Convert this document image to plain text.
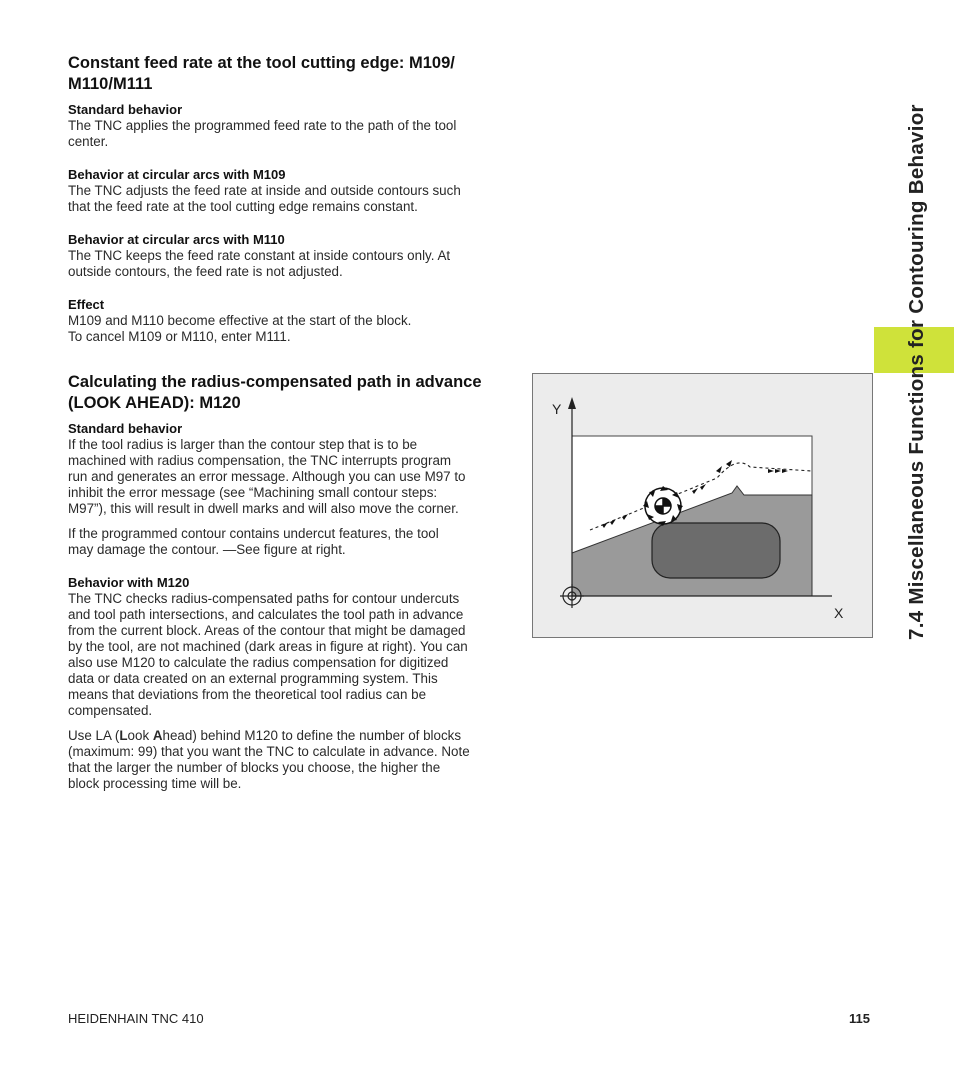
7.4 Miscellaneous Functions for Contouring Behavior
Constant feed rate at the tool cutting edge: M109/
M110/M111
Standard behavior
The TNC applies the programmed feed rate to the path of the tool
center.
Behavior at circular arcs with M109
The TNC adjusts the feed rate at inside and outside contours such
that the feed rate at the tool cutting edge remains constant.
Behavior at circular arcs with M110
The TNC keeps the feed rate constant at inside contours only. At
outside contours, the feed rate is not adjusted.
Effect
M109 and M110 become effective at the start of the block.
To cancel M109 or M110, enter M111.
Calculating the radius-compensated path in advance
(LOOK AHEAD): M120
Standard behavior
If the tool radius is larger than the contour step that is to be
machined with radius compensation, the TNC interrupts program
run and generates an error message. Although you can use M97 to
inhibit the error message (see “Machining small contour steps:
M97”), this will result in dwell marks and will also move the corner.
If the programmed contour contains undercut features, the tool
may damage the contour. —See figure at right.
Behavior with M120
The TNC checks radius-compensated paths for contour undercuts
and tool path intersections, and calculates the tool path in advance
from the current block. Areas of the contour that might be damaged
by the tool, are not machined (dark areas in figure at right). You can
also use M120 to calculate the radius compensation for digitized
data or data created on an external programming system. This
means that deviations from the theoretical tool radius can be
compensated.
Use LA (Look Ahead) behind M120 to define the number of blocks
(maximum: 99) that you want the TNC to calculate in advance. Note
that the larger the number of blocks you choose, the higher the
block processing time will be.
Y
X
HEIDENHAIN TNC 410	115
